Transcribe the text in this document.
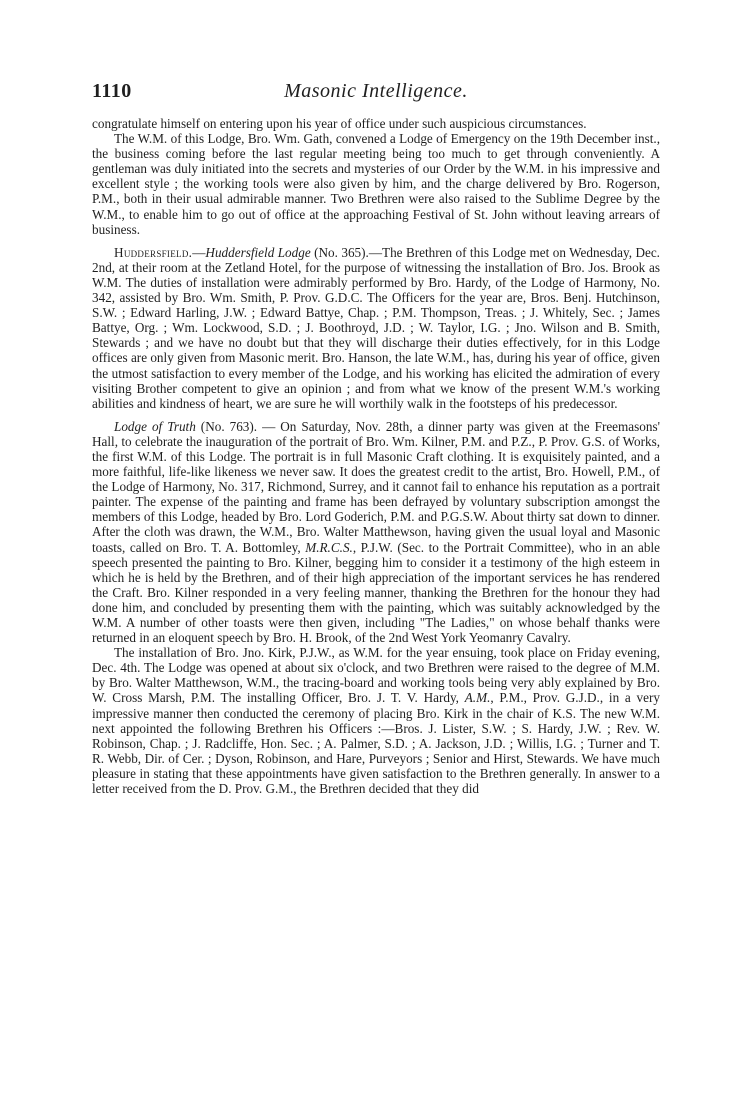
1110	Masonic Intelligence.

congratulate himself on entering upon his year of office under such auspicious circumstances.

The W.M. of this Lodge, Bro. Wm. Gath, convened a Lodge of Emergency on the 19th December inst., the business coming before the last regular meeting being too much to get through conveniently. A gentleman was duly initiated into the secrets and mysteries of our Order by the W.M. in his impressive and excellent style ; the working tools were also given by him, and the charge delivered by Bro. Rogerson, P.M., both in their usual admirable manner. Two Brethren were also raised to the Sublime Degree by the W.M., to enable him to go out of office at the approaching Festival of St. John without leaving arrears of business.

Huddersfield.—Huddersfield Lodge (No. 365).—The Brethren of this Lodge met on Wednesday, Dec. 2nd, at their room at the Zetland Hotel, for the purpose of witnessing the installation of Bro. Jos. Brook as W.M. The duties of installation were admirably performed by Bro. Hardy, of the Lodge of Harmony, No. 342, assisted by Bro. Wm. Smith, P. Prov. G.D.C. The Officers for the year are, Bros. Benj. Hutchinson, S.W. ; Edward Harling, J.W. ; Edward Battye, Chap. ; P.M. Thompson, Treas. ; J. Whitely, Sec. ; James Battye, Org. ; Wm. Lockwood, S.D. ; J. Boothroyd, J.D. ; W. Taylor, I.G. ; Jno. Wilson and B. Smith, Stewards ; and we have no doubt but that they will discharge their duties effectively, for in this Lodge offices are only given from Masonic merit. Bro. Hanson, the late W.M., has, during his year of office, given the utmost satisfaction to every member of the Lodge, and his working has elicited the admiration of every visiting Brother competent to give an opinion ; and from what we know of the present W.M.'s working abilities and kindness of heart, we are sure he will worthily walk in the footsteps of his predecessor.

Lodge of Truth (No. 763). — On Saturday, Nov. 28th, a dinner party was given at the Freemasons' Hall, to celebrate the inauguration of the portrait of Bro. Wm. Kilner, P.M. and P.Z., P. Prov. G.S. of Works, the first W.M. of this Lodge. The portrait is in full Masonic Craft clothing. It is exquisitely painted, and a more faithful, life-like likeness we never saw. It does the greatest credit to the artist, Bro. Howell, P.M., of the Lodge of Harmony, No. 317, Richmond, Surrey, and it cannot fail to enhance his reputation as a portrait painter. The expense of the painting and frame has been defrayed by voluntary subscription amongst the members of this Lodge, headed by Bro. Lord Goderich, P.M. and P.G.S.W. About thirty sat down to dinner. After the cloth was drawn, the W.M., Bro. Walter Matthewson, having given the usual loyal and Masonic toasts, called on Bro. T. A. Bottomley, M.R.C.S., P.J.W. (Sec. to the Portrait Committee), who in an able speech presented the painting to Bro. Kilner, begging him to consider it a testimony of the high esteem in which he is held by the Brethren, and of their high appreciation of the important services he has rendered the Craft. Bro. Kilner responded in a very feeling manner, thanking the Brethren for the honour they had done him, and concluded by presenting them with the painting, which was suitably acknowledged by the W.M. A number of other toasts were then given, including "The Ladies," on whose behalf thanks were returned in an eloquent speech by Bro. H. Brook, of the 2nd West York Yeomanry Cavalry.

The installation of Bro. Jno. Kirk, P.J.W., as W.M. for the year ensuing, took place on Friday evening, Dec. 4th. The Lodge was opened at about six o'clock, and two Brethren were raised to the degree of M.M. by Bro. Walter Matthewson, W.M., the tracing-board and working tools being very ably explained by Bro. W. Cross Marsh, P.M. The installing Officer, Bro. J. T. V. Hardy, A.M., P.M., Prov. G.J.D., in a very impressive manner then conducted the ceremony of placing Bro. Kirk in the chair of K.S. The new W.M. next appointed the following Brethren his Officers :—Bros. J. Lister, S.W. ; S. Hardy, J.W. ; Rev. W. Robinson, Chap. ; J. Radcliffe, Hon. Sec. ; A. Palmer, S.D. ; A. Jackson, J.D. ; Willis, I.G. ; Turner and T. R. Webb, Dir. of Cer. ; Dyson, Robinson, and Hare, Purveyors ; Senior and Hirst, Stewards. We have much pleasure in stating that these appointments have given satisfaction to the Brethren generally. In answer to a letter received from the D. Prov. G.M., the Brethren decided that they did
